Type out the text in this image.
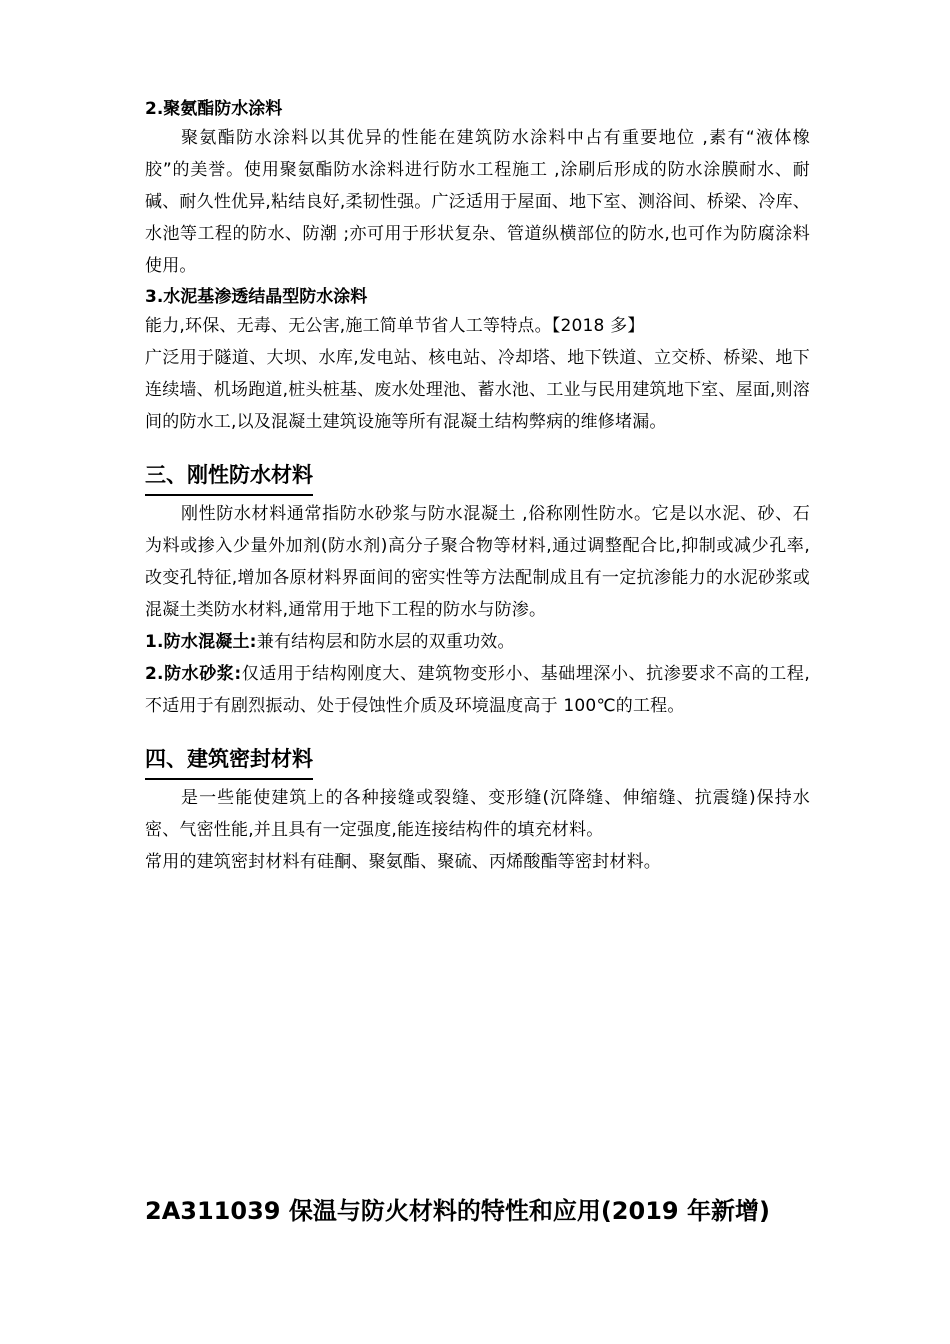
2.聚氨酯防水涂料

聚氨酯防水涂料以其优异的性能在建筑防水涂料中占有重要地位 ,素有“液体橡胶”的美誉。使用聚氨酯防水涂料进行防水工程施工 ,涂刷后形成的防水涂膜耐水、耐碱、耐久性优异,粘结良好,柔韧性强。广泛适用于屋面、地下室、测浴间、桥梁、冷库、水池等工程的防水、防潮 ;亦可用于形状复杂、管道纵横部位的防水,也可作为防腐涂料使用。

3.水泥基渗透结晶型防水涂料

能力,环保、无毒、无公害,施工简单节省人工等特点。【2018 多】

广泛用于隧道、大坝、水库,发电站、核电站、冷却塔、地下铁道、立交桥、桥梁、地下连续墙、机场跑道,桩头桩基、废水处理池、蓄水池、工业与民用建筑地下室、屋面,则溶间的防水工,以及混凝土建筑设施等所有混凝土结构弊病的维修堵漏。

三、刚性防水材料

刚性防水材料通常指防水砂浆与防水混凝土 ,俗称刚性防水。它是以水泥、砂、石为料或掺入少量外加剂(防水剂)高分子聚合物等材料,通过调整配合比,抑制或减少孔率,改变孔特征,增加各原材料界面间的密实性等方法配制成且有一定抗渗能力的水泥砂浆或混凝土类防水材料,通常用于地下工程的防水与防渗。

1.防水混凝土:兼有结构层和防水层的双重功效。

2.防水砂浆:仅适用于结构刚度大、建筑物变形小、基础埋深小、抗渗要求不高的工程,不适用于有剧烈振动、处于侵蚀性介质及环境温度高于 100℃的工程。

四、建筑密封材料

是一些能使建筑上的各种接缝或裂缝、变形缝(沉降缝、伸缩缝、抗震缝)保持水密、气密性能,并且具有一定强度,能连接结构件的填充材料。

常用的建筑密封材料有硅酮、聚氨酯、聚硫、丙烯酸酯等密封材料。

2A311039 保温与防火材料的特性和应用(2019 年新增)
